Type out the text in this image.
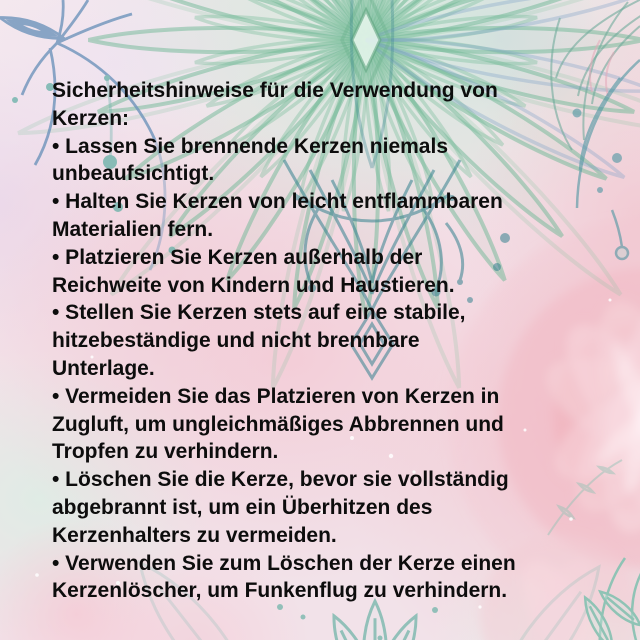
Sicherheitshinweise für die Verwendung von
Kerzen:
• Lassen Sie brennende Kerzen niemals
unbeaufsichtigt.
• Halten Sie Kerzen von leicht entflammbaren
Materialien fern.
• Platzieren Sie Kerzen außerhalb der
Reichweite von Kindern und Haustieren.
• Stellen Sie Kerzen stets auf eine stabile,
hitzebeständige und nicht brennbare
Unterlage.
• Vermeiden Sie das Platzieren von Kerzen in
Zugluft, um ungleichmäßiges Abbrennen und
Tropfen zu verhindern.
• Löschen Sie die Kerze, bevor sie vollständig
abgebrannt ist, um ein Überhitzen des
Kerzenhalters zu vermeiden.
• Verwenden Sie zum Löschen der Kerze einen
Kerzenlöscher, um Funkenflug zu verhindern.
